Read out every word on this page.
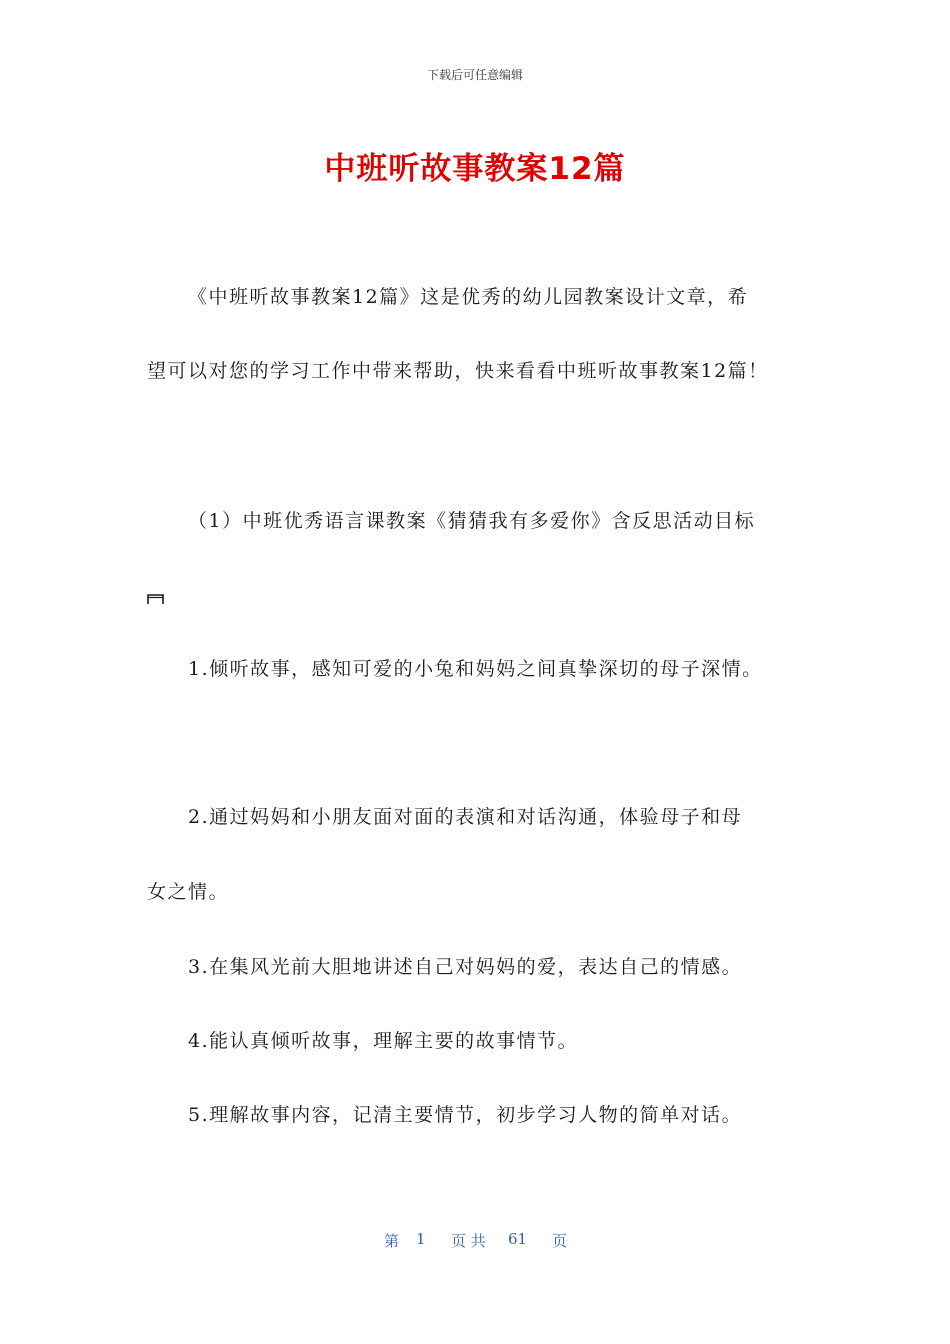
下载后可任意编辑
中班听故事教案12篇
《中班听故事教案12篇》这是优秀的幼儿园教案设计文章，希
望可以对您的学习工作中带来帮助，快来看看中班听故事教案12篇！
（1）中班优秀语言课教案《猜猜我有多爱你》含反思活动目标
1.倾听故事，感知可爱的小兔和妈妈之间真挚深切的母子深情。
2.通过妈妈和小朋友面对面的表演和对话沟通，体验母子和母
女之情。
3.在集风光前大胆地讲述自己对妈妈的爱，表达自己的情感。
4.能认真倾听故事，理解主要的故事情节。
5.理解故事内容，记清主要情节，初步学习人物的简单对话。
第 1 页 共 61 页
